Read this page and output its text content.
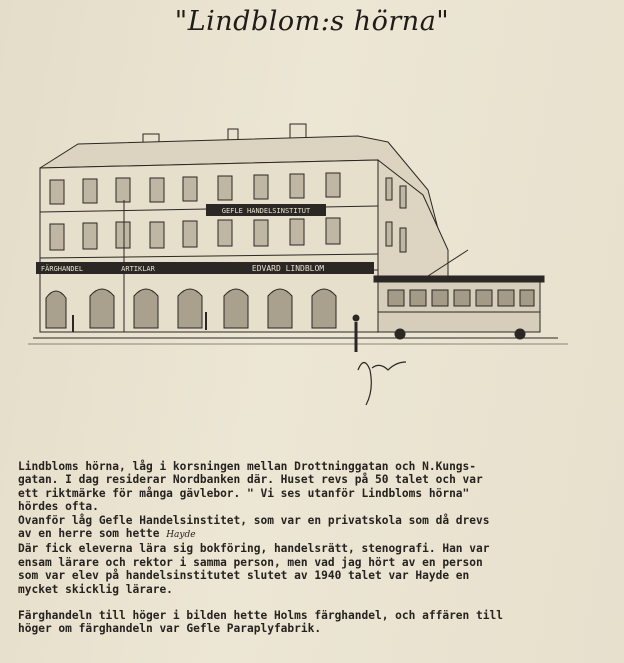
"Lindblom:s hörna"
GEFLE HANDELSINSTITUT
FÄRGHANDEL	ARTIKLAR	EDVARD LINDBLOM

Lindbloms hörna, låg i korsningen mellan Drottninggatan och N.Kungs-

gatan. I dag residerar Nordbanken där. Huset revs på 50 talet och var

ett riktmärke för många gävlebor. " Vi ses utanför Lindbloms hörna"

hördes ofta.

Ovanför låg Gefle Handelsinstitet, som var en privatskola som då drevs

av en herre som hette Hayde

Där fick eleverna lära sig bokföring, handelsrätt, stenografi. Han var

ensam lärare och rektor i samma person, men vad jag hört av en person

som var elev på handelsinstitutet slutet av 1940 talet var Hayde en

mycket skicklig lärare.

Färghandeln till höger i bilden hette Holms färghandel, och affären till

höger om färghandeln var Gefle Paraplyfabrik.
